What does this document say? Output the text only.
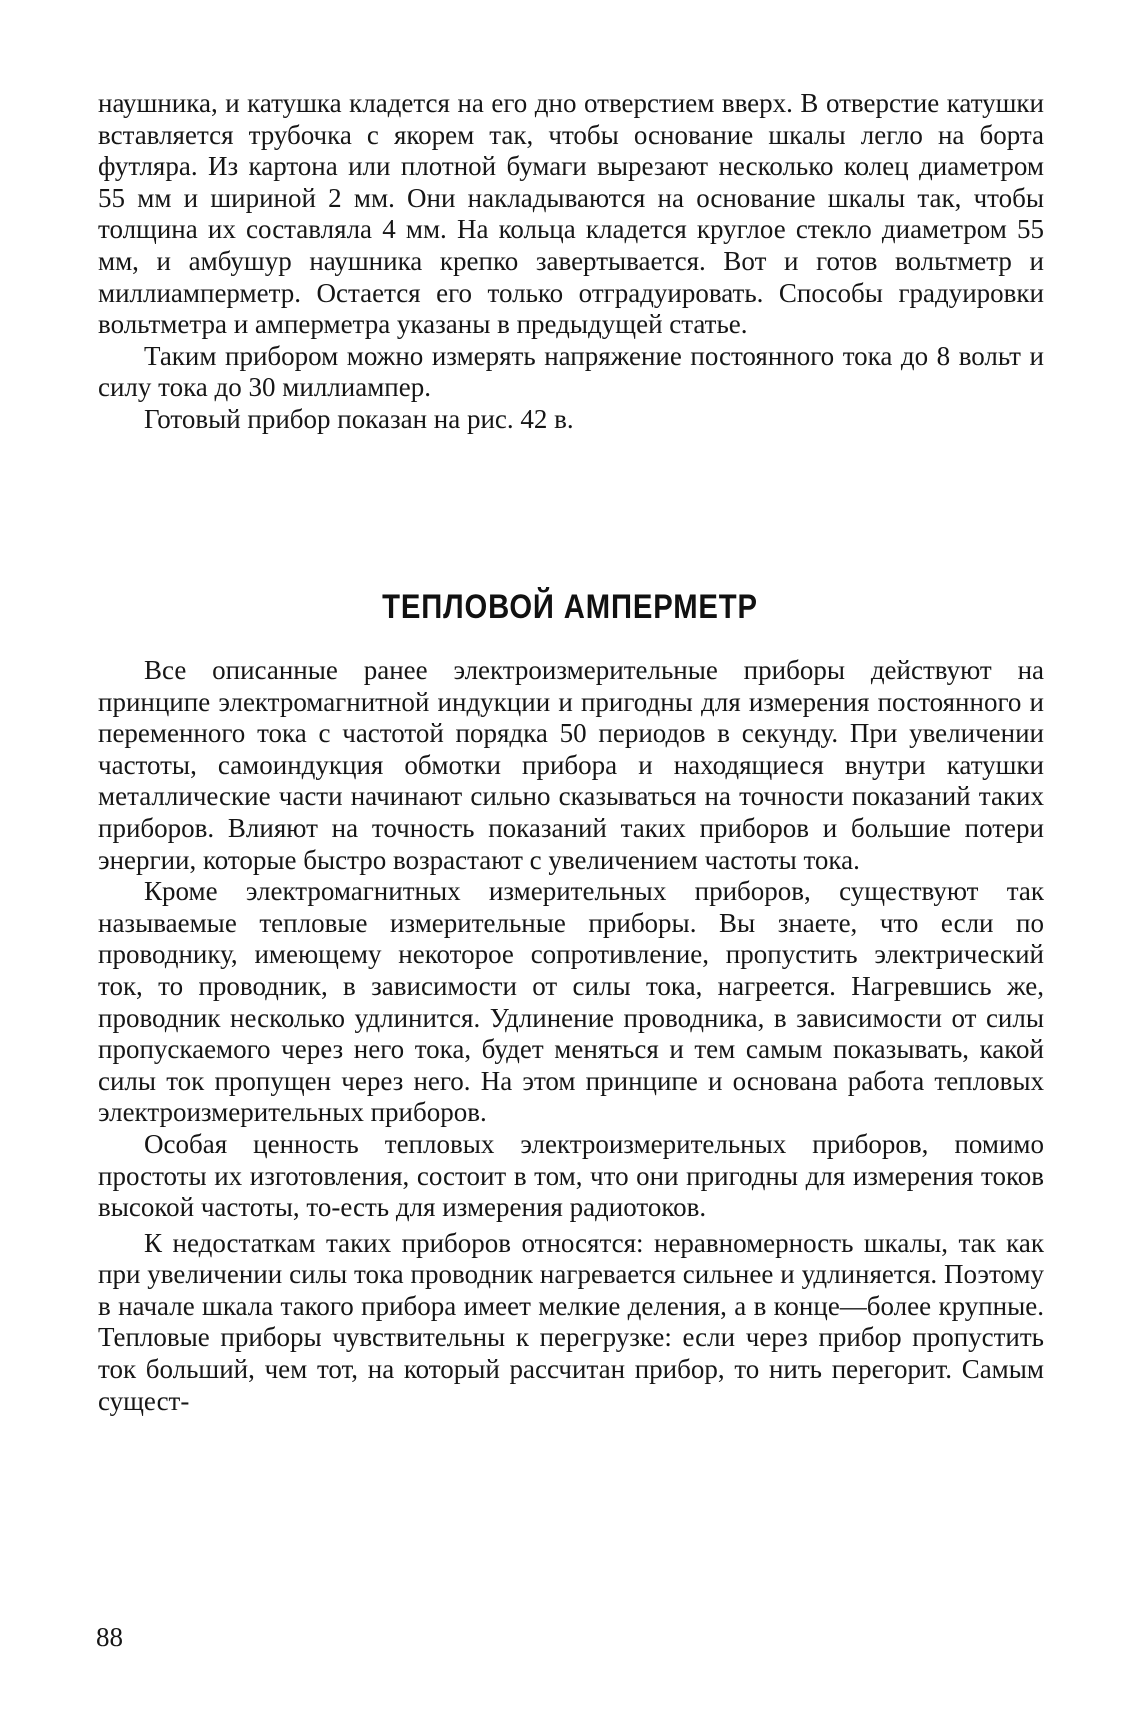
наушника, и катушка кладется на его дно отверстием вверх. В отверстие катушки вставляется трубочка с якорем так, чтобы основание шкалы легло на борта футляра. Из картона или плотной бумаги вырезают несколько колец диаметром 55 мм и шириной 2 мм. Они накладываются на основание шкалы так, чтобы толщина их составляла 4 мм. На кольца кладется круглое стекло диаметром 55 мм, и амбушур наушника крепко завертывается. Вот и готов вольтметр и миллиамперметр. Остается его только отградуировать. Способы градуировки вольтметра и амперметра указаны в предыдущей статье.

Таким прибором можно измерять напряжение постоянного тока до 8 вольт и силу тока до 30 миллиампер.

Готовый прибор показан на рис. 42 в.

ТЕПЛОВОЙ АМПЕРМЕТР

Все описанные ранее электроизмерительные приборы действуют на принципе электромагнитной индукции и пригодны для измерения постоянного и переменного тока с частотой порядка 50 периодов в секунду. При увеличении частоты, самоиндукция обмотки прибора и находящиеся внутри катушки металлические части начинают сильно сказываться на точности показаний таких приборов. Влияют на точность показаний таких приборов и большие потери энергии, которые быстро возрастают с увеличением частоты тока.

Кроме электромагнитных измерительных приборов, существуют так называемые тепловые измерительные приборы. Вы знаете, что если по проводнику, имеющему некоторое сопротивление, пропустить электрический ток, то проводник, в зависимости от силы тока, нагреется. Нагревшись же, проводник несколько удлинится. Удлинение проводника, в зависимости от силы пропускаемого через него тока, будет меняться и тем самым показывать, какой силы ток пропущен через него. На этом принципе и основана работа тепловых электроизмерительных приборов.

Особая ценность тепловых электроизмерительных приборов, помимо простоты их изготовления, состоит в том, что они пригодны для измерения токов высокой частоты, то-есть для измерения радиотоков.

К недостаткам таких приборов относятся: неравномерность шкалы, так как при увеличении силы тока проводник нагревается сильнее и удлиняется. Поэтому в начале шкала такого прибора имеет мелкие деления, а в конце—более крупные. Тепловые приборы чувствительны к перегрузке: если через прибор пропустить ток больший, чем тот, на который рассчитан прибор, то нить перегорит. Самым сущест-

88
